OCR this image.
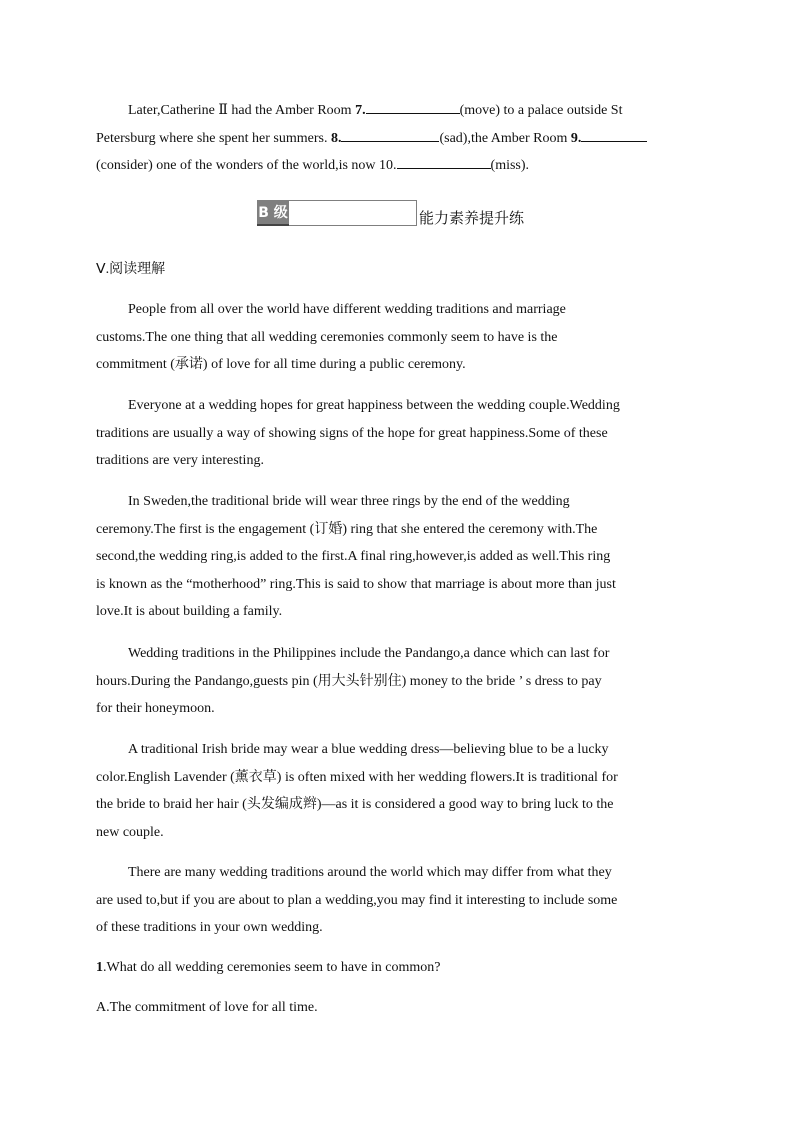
Later,Catherine Ⅱ had the Amber Room 7.	(move) to a palace outside St
Petersburg where she spent her summers. 8.	(sad),the Amber Room 9.
(consider) one of the wonders of the world,is now 10.	(miss).
B 级	能力素养提升练
Ⅴ.阅读理解
People from all over the world have different wedding traditions and marriage
customs.The one thing that all wedding ceremonies commonly seem to have is the
commitment (承诺) of love for all time during a public ceremony.
Everyone at a wedding hopes for great happiness between the wedding couple.Wedding
traditions are usually a way of showing signs of the hope for great happiness.Some of these
traditions are very interesting.
In Sweden,the traditional bride will wear three rings by the end of the wedding
ceremony.The first is the engagement (订婚) ring that she entered the ceremony with.The
second,the wedding ring,is added to the first.A final ring,however,is added as well.This ring
is known as the “motherhood” ring.This is said to show that marriage is about more than just
love.It is about building a family.
Wedding traditions in the Philippines include the Pandango,a dance which can last for
hours.During the Pandango,guests pin (用大头针别住) money to the bride ’ s dress to pay
for their honeymoon.
A traditional Irish bride may wear a blue wedding dress—believing blue to be a lucky
color.English Lavender (薰衣草) is often mixed with her wedding flowers.It is traditional for
the bride to braid her hair (头发编成辫)—as it is considered a good way to bring luck to the
new couple.
There are many wedding traditions around the world which may differ from what they
are used to,but if you are about to plan a wedding,you may find it interesting to include some
of these traditions in your own wedding.
1.What do all wedding ceremonies seem to have in common?
A.The commitment of love for all time.
